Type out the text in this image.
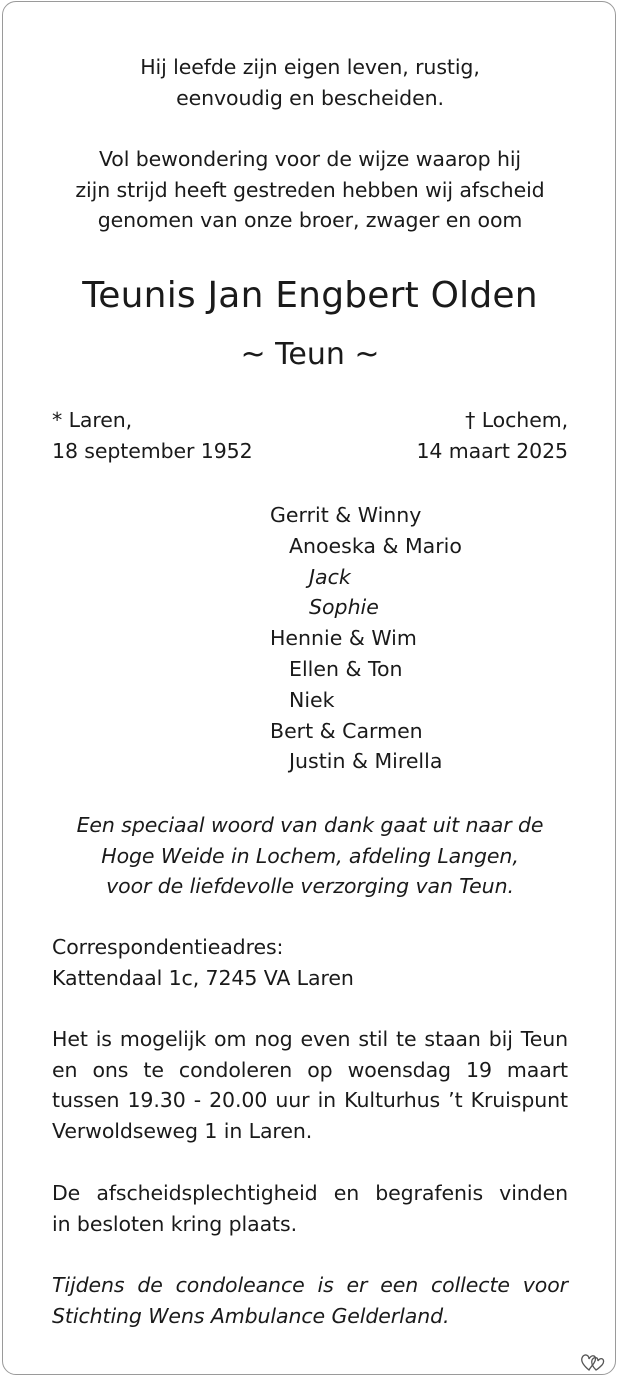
Hij leefde zijn eigen leven, rustig,
eenvoudig en bescheiden.
Vol bewondering voor de wijze waarop hij
zijn strijd heeft gestreden hebben wij afscheid
genomen van onze broer, zwager en oom
Teunis Jan Engbert Olden
~ Teun ~
* Laren,
18 september 1952
† Lochem,
14 maart 2025
Gerrit & Winny
Anoeska & Mario
Jack
Sophie
Hennie & Wim
Ellen & Ton
Niek
Bert & Carmen
Justin & Mirella
Een speciaal woord van dank gaat uit naar de
Hoge Weide in Lochem, afdeling Langen,
voor de liefdevolle verzorging van Teun.
Correspondentieadres:
Kattendaal 1c, 7245 VA Laren
Het is mogelijk om nog even stil te staan bij Teun
en ons te condoleren op woensdag 19 maart
tussen 19.30 - 20.00 uur in Kulturhus ’t Kruispunt
Verwoldseweg 1 in Laren.
De afscheidsplechtigheid en begrafenis vinden
in besloten kring plaats.
Tijdens de condoleance is er een collecte voor
Stichting Wens Ambulance Gelderland.
